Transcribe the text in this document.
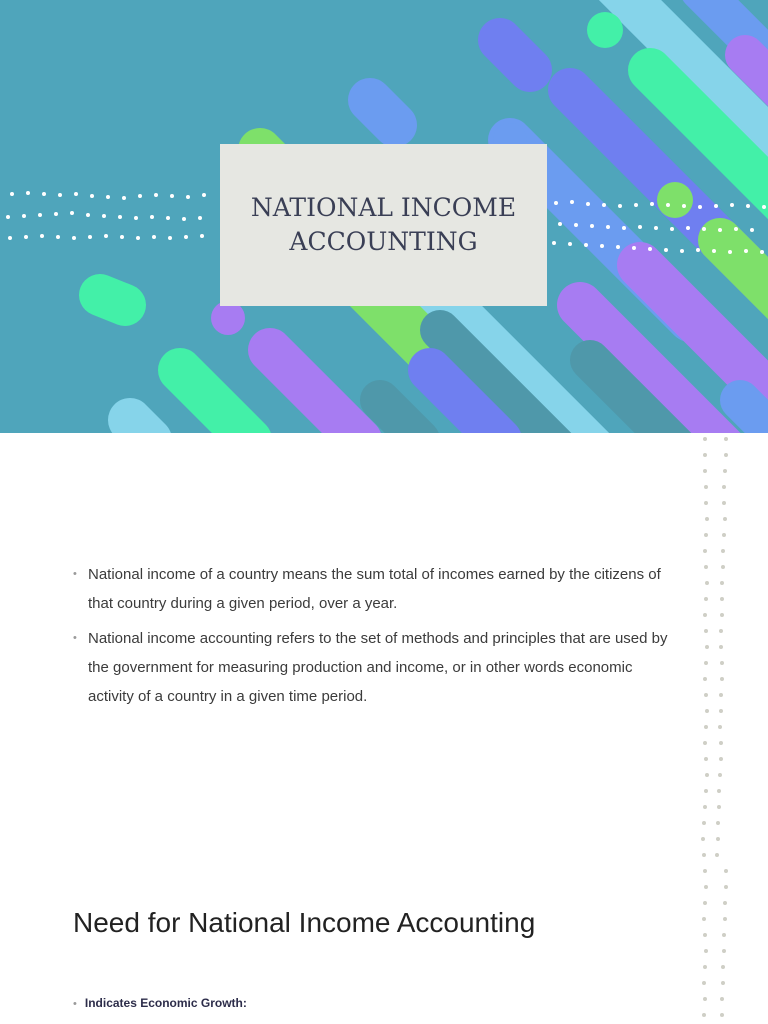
NATIONAL INCOME ACCOUNTING
• National income of a country means the sum total of incomes earned by the citizens of that country during a given period, over a year.
• National income accounting refers to the set of methods and principles that are used by the government for measuring production and income, or in other words economic activity of a country in a given time period.
Need for National Income Accounting
• Indicates Economic Growth:
